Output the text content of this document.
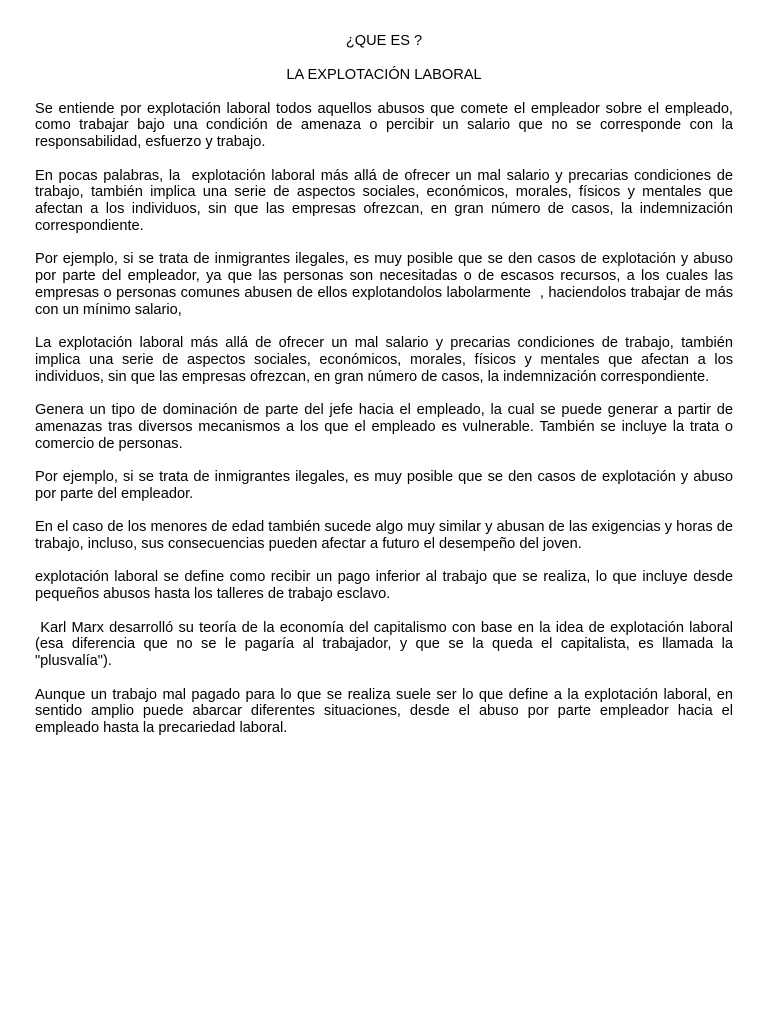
¿QUE ES ?

LA EXPLOTACIÓN LABORAL

Se entiende por explotación laboral todos aquellos abusos que comete el empleador sobre el empleado, como trabajar bajo una condición de amenaza o percibir un salario que no se corresponde con la responsabilidad, esfuerzo y trabajo.

En pocas palabras, la  explotación laboral más allá de ofrecer un mal salario y precarias condiciones de trabajo, también implica una serie de aspectos sociales, económicos, morales, físicos y mentales que afectan a los individuos, sin que las empresas ofrezcan, en gran número de casos, la indemnización correspondiente.

Por ejemplo, si se trata de inmigrantes ilegales, es muy posible que se den casos de explotación y abuso por parte del empleador, ya que las personas son necesitadas o de escasos recursos, a los cuales las empresas o personas comunes abusen de ellos explotandolos labolarmente  , haciendolos trabajar de más con un mínimo salario,

La explotación laboral más allá de ofrecer un mal salario y precarias condiciones de trabajo, también implica una serie de aspectos sociales, económicos, morales, físicos y mentales que afectan a los individuos, sin que las empresas ofrezcan, en gran número de casos, la indemnización correspondiente.

Genera un tipo de dominación de parte del jefe hacia el empleado, la cual se puede generar a partir de amenazas tras diversos mecanismos a los que el empleado es vulnerable. También se incluye la trata o comercio de personas.

Por ejemplo, si se trata de inmigrantes ilegales, es muy posible que se den casos de explotación y abuso por parte del empleador.

En el caso de los menores de edad también sucede algo muy similar y abusan de las exigencias y horas de trabajo, incluso, sus consecuencias pueden afectar a futuro el desempeño del joven.

explotación laboral se define como recibir un pago inferior al trabajo que se realiza, lo que incluye desde pequeños abusos hasta los talleres de trabajo esclavo.

Karl Marx desarrolló su teoría de la economía del capitalismo con base en la idea de explotación laboral (esa diferencia que no se le pagaría al trabajador, y que se la queda el capitalista, es llamada la "plusvalía").

Aunque un trabajo mal pagado para lo que se realiza suele ser lo que define a la explotación laboral, en sentido amplio puede abarcar diferentes situaciones, desde el abuso por parte empleador hacia el empleado hasta la precariedad laboral.
